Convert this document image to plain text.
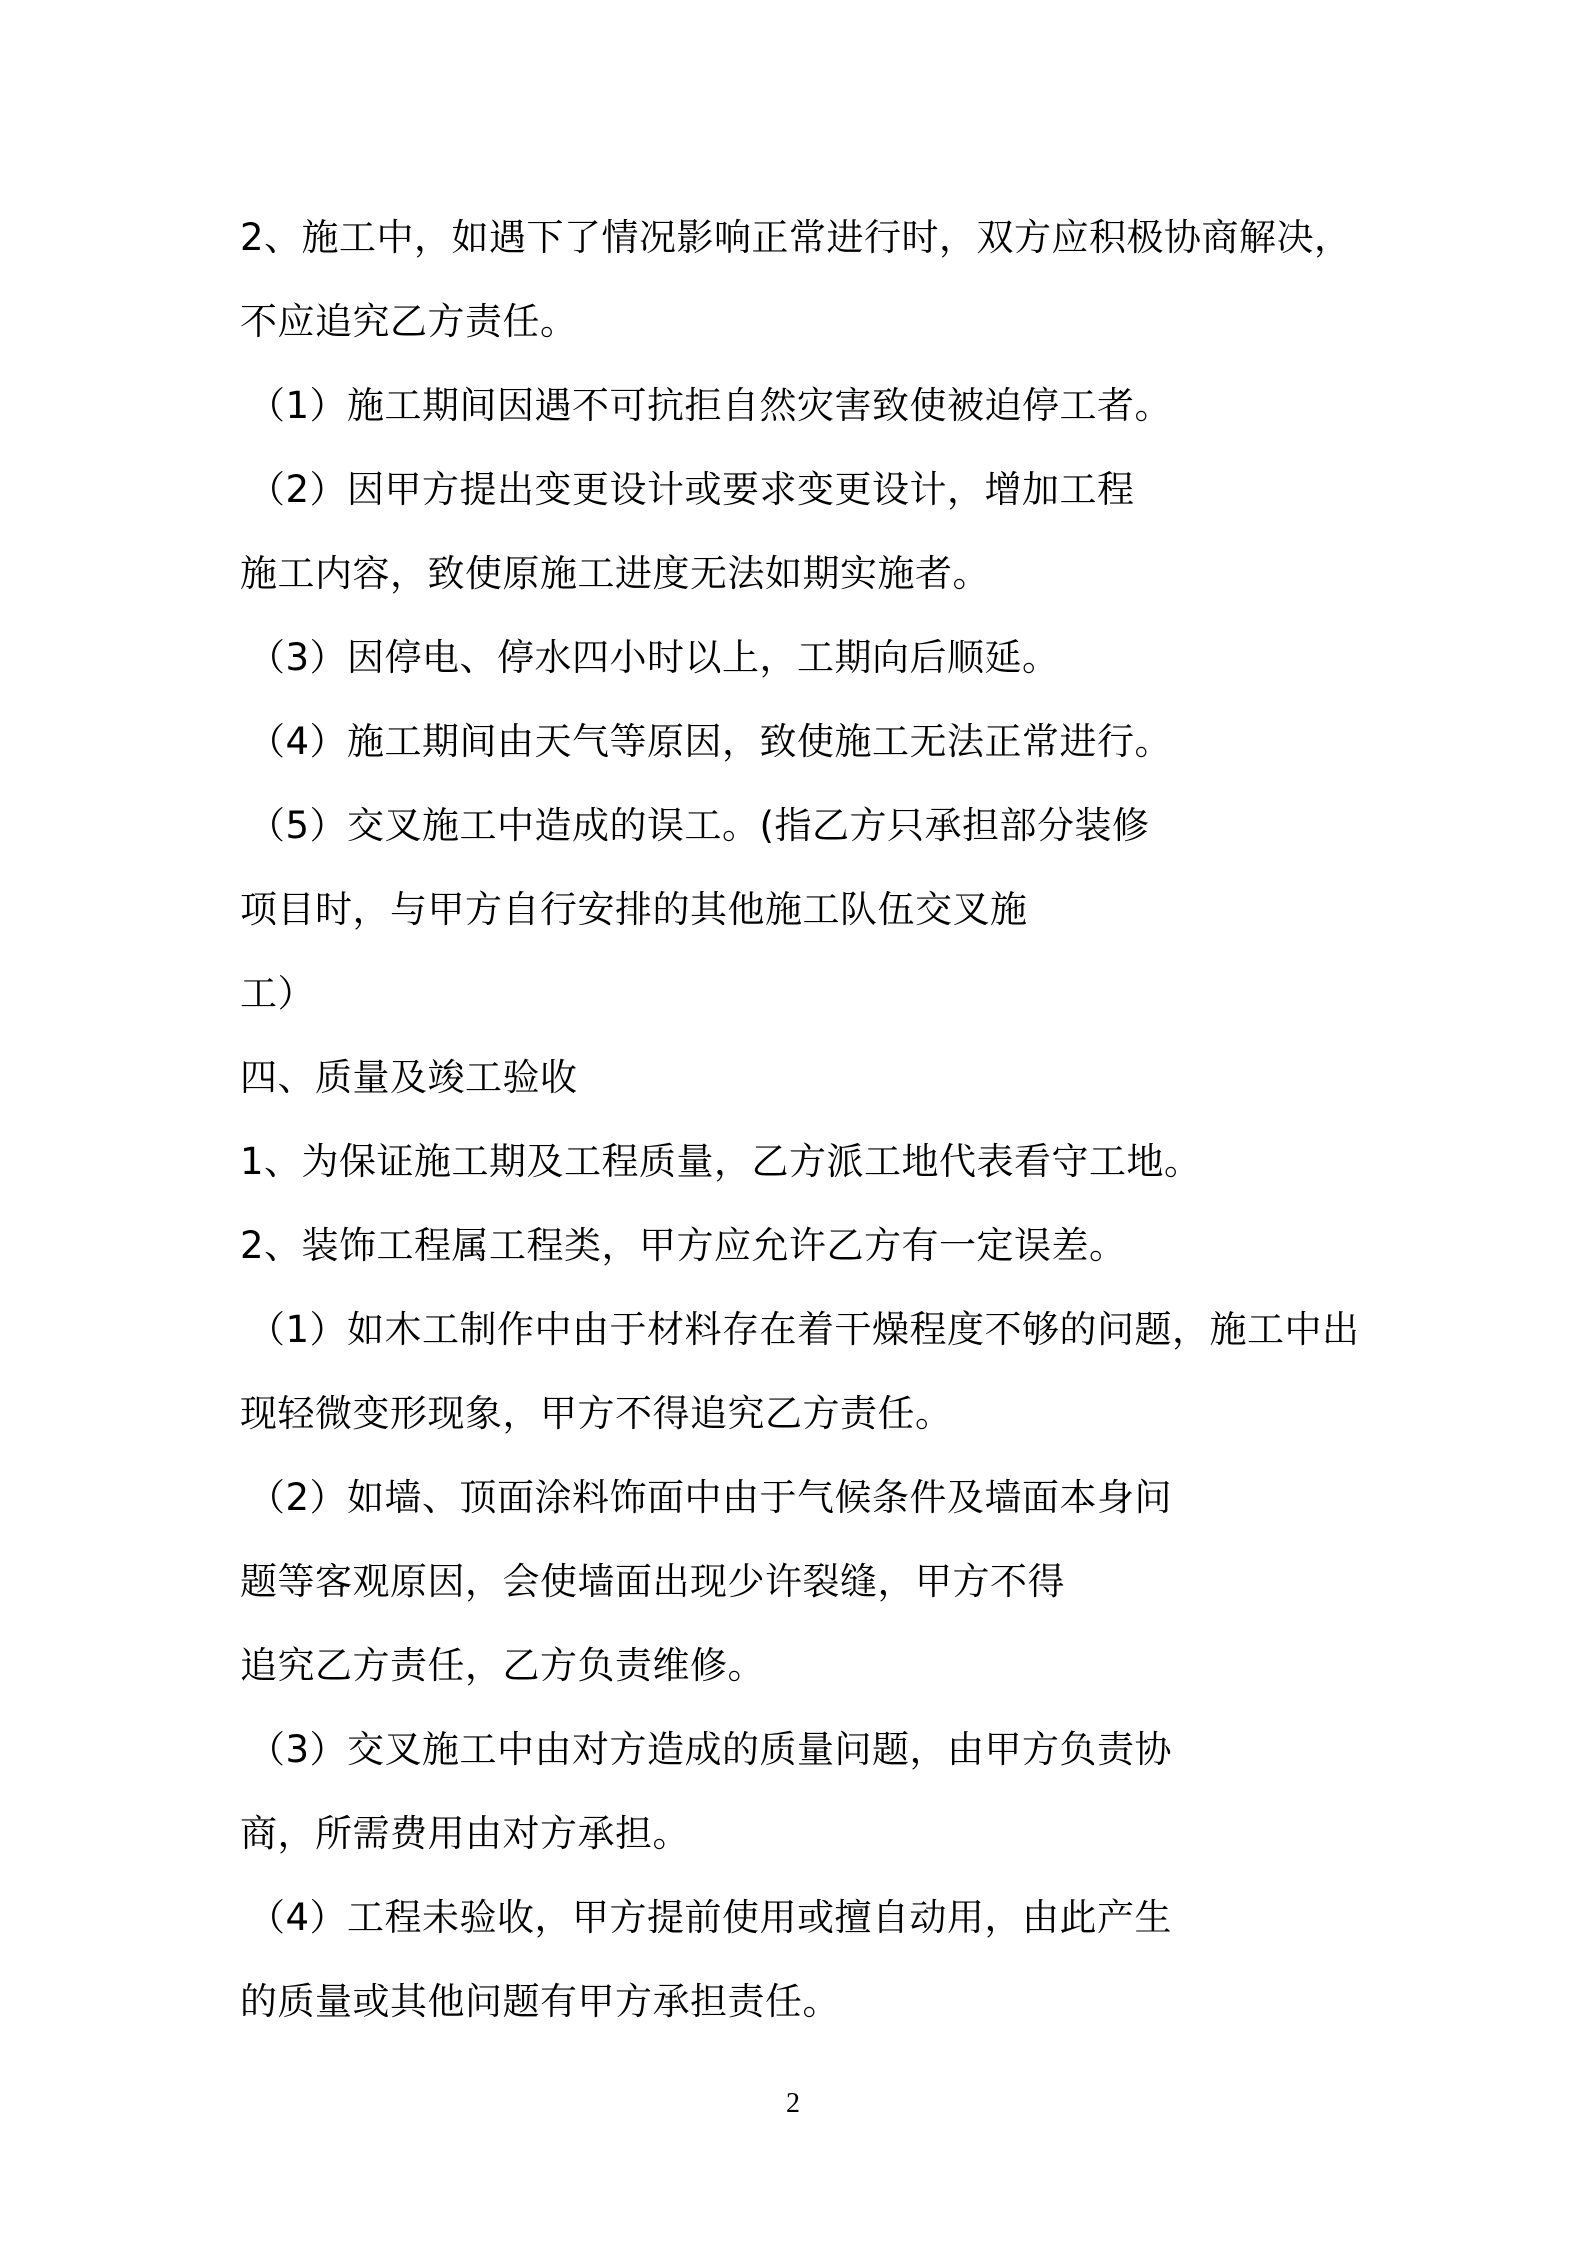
2、施工中，如遇下了情况影响正常进行时，双方应积极协商解决，
不应追究乙方责任。
（1）施工期间因遇不可抗拒自然灾害致使被迫停工者。
（2）因甲方提出变更设计或要求变更设计，增加工程
施工内容，致使原施工进度无法如期实施者。
（3）因停电、停水四小时以上，工期向后顺延。
（4）施工期间由天气等原因，致使施工无法正常进行。
（5）交叉施工中造成的误工。(指乙方只承担部分装修
项目时，与甲方自行安排的其他施工队伍交叉施
工）
四、质量及竣工验收
1、为保证施工期及工程质量，乙方派工地代表看守工地。
2、装饰工程属工程类，甲方应允许乙方有一定误差。
（1）如木工制作中由于材料存在着干燥程度不够的问题，施工中出
现轻微变形现象，甲方不得追究乙方责任。
（2）如墙、顶面涂料饰面中由于气候条件及墙面本身问
题等客观原因，会使墙面出现少许裂缝，甲方不得
追究乙方责任，乙方负责维修。
（3）交叉施工中由对方造成的质量问题，由甲方负责协
商，所需费用由对方承担。
（4）工程未验收，甲方提前使用或擅自动用，由此产生
的质量或其他问题有甲方承担责任。
2
